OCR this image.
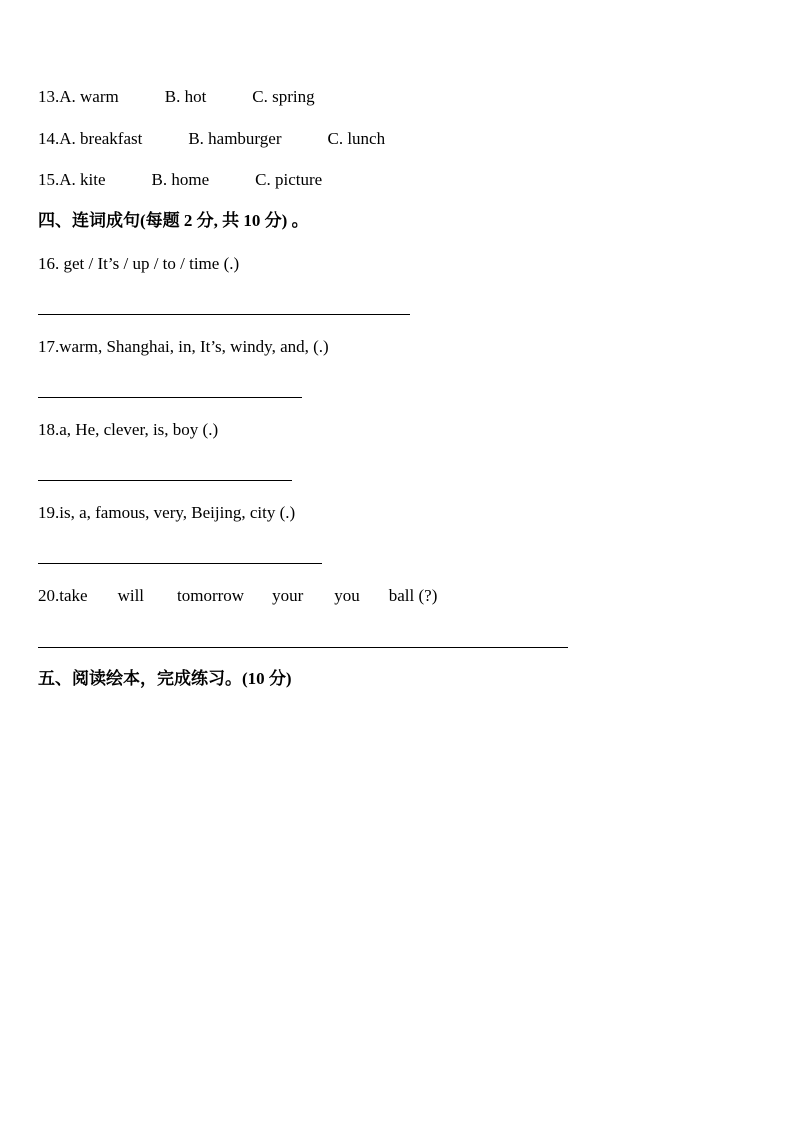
13.A. warm	B. hot	C. spring
14.A. breakfast	B. hamburger	C. lunch
15.A. kite	B. home	C. picture
四、连词成句(每题 2 分, 共 10 分) 。
16. get / It’s / up / to / time (.)
17.warm, Shanghai, in, It’s, windy, and, (.)
18.a, He, clever, is, boy (.)
19.is, a, famous, very, Beijing, city (.)
20.take will tomorrow your you ball (?)
五、阅读绘本，完成练习。(10 分)
